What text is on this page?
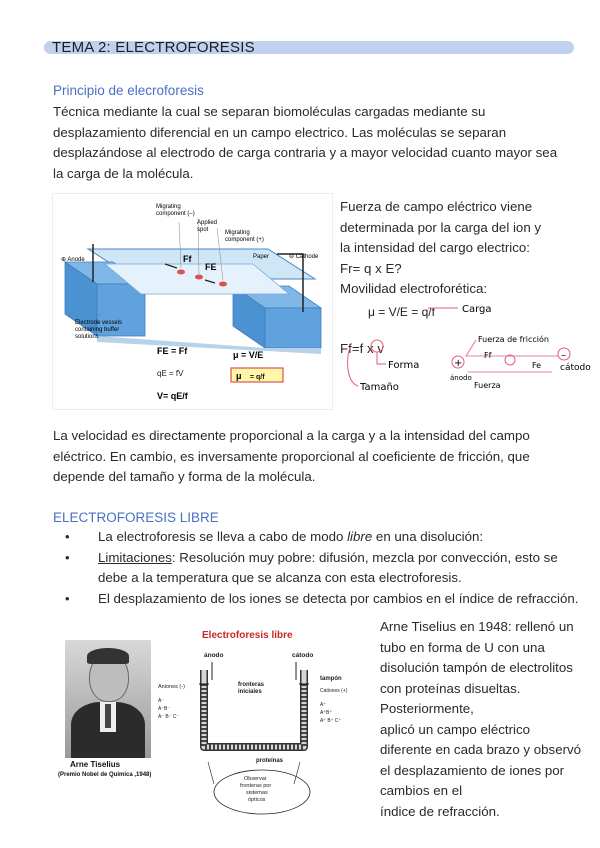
TEMA 2: ELECTROFORESIS
Principio de elecroforesis
Técnica mediante la cual se separan biomoléculas cargadas mediante su
desplazamiento diferencial en un campo electrico. Las moléculas se separan
desplazándose al electrodo de carga contraria y a mayor velocidad cuanto mayor sea
la carga de la molécula.
Migrating component (–)
Applied spot	Migrating component (+)
⊕ Anode	Paper	⊖ Cathode
Electrode vessels containing buffer solutions
Ff
FE
FE = Ff
qE = fV
V= qE/f
μ = V/E
μ = q/f
Fuerza de campo eléctrico viene
determinada por la carga del ion y
la intensidad del cargo electrico:
Fr= q x E?
Movilidad electroforética:
Ff=f x v
μ = V/E = q/f	Carga
Forma
Tamaño
Fuerza de fricción
+
ánodo
Ff
Fe
–
cátodo
Fuerza
La velocidad es directamente proporcional a la carga y a la intensidad del campo
eléctrico. En cambio, es inversamente proporcional al coeficiente de fricción, que
depende del tamaño y forma de la molécula.
ELECTROFORESIS LIBRE
• La electroforesis se lleva a cabo de modo libre en una disolución:
• Limitaciones: Resolución muy pobre: difusión, mezcla por convección, esto se
debe a la temperatura que se alcanza con esta electroforesis.
• El desplazamiento de los iones se detecta por cambios en el índice de refracción.
Arne Tiselius
(Premio Nobel de Química ,1948)
Electroforesis libre
ánodo	cátodo
Aniones (-)
A⁻
A⁻B⁻
A⁻ B⁻ C⁻
Cationes (+)
A⁺
A⁺B⁺
A⁺ B⁺ C⁺
fronteras iniciales
tampón
proteínas
Observar fronteras por sistemas ópticos
Arne Tiselius en 1948: rellenó un
tubo en forma de U con una
disolución tampón de electrolitos
con proteínas disueltas.
Posteriormente,
aplicó un campo eléctrico
diferente en cada brazo y observó
el desplazamiento de iones por
cambios en el
índice de refracción.
